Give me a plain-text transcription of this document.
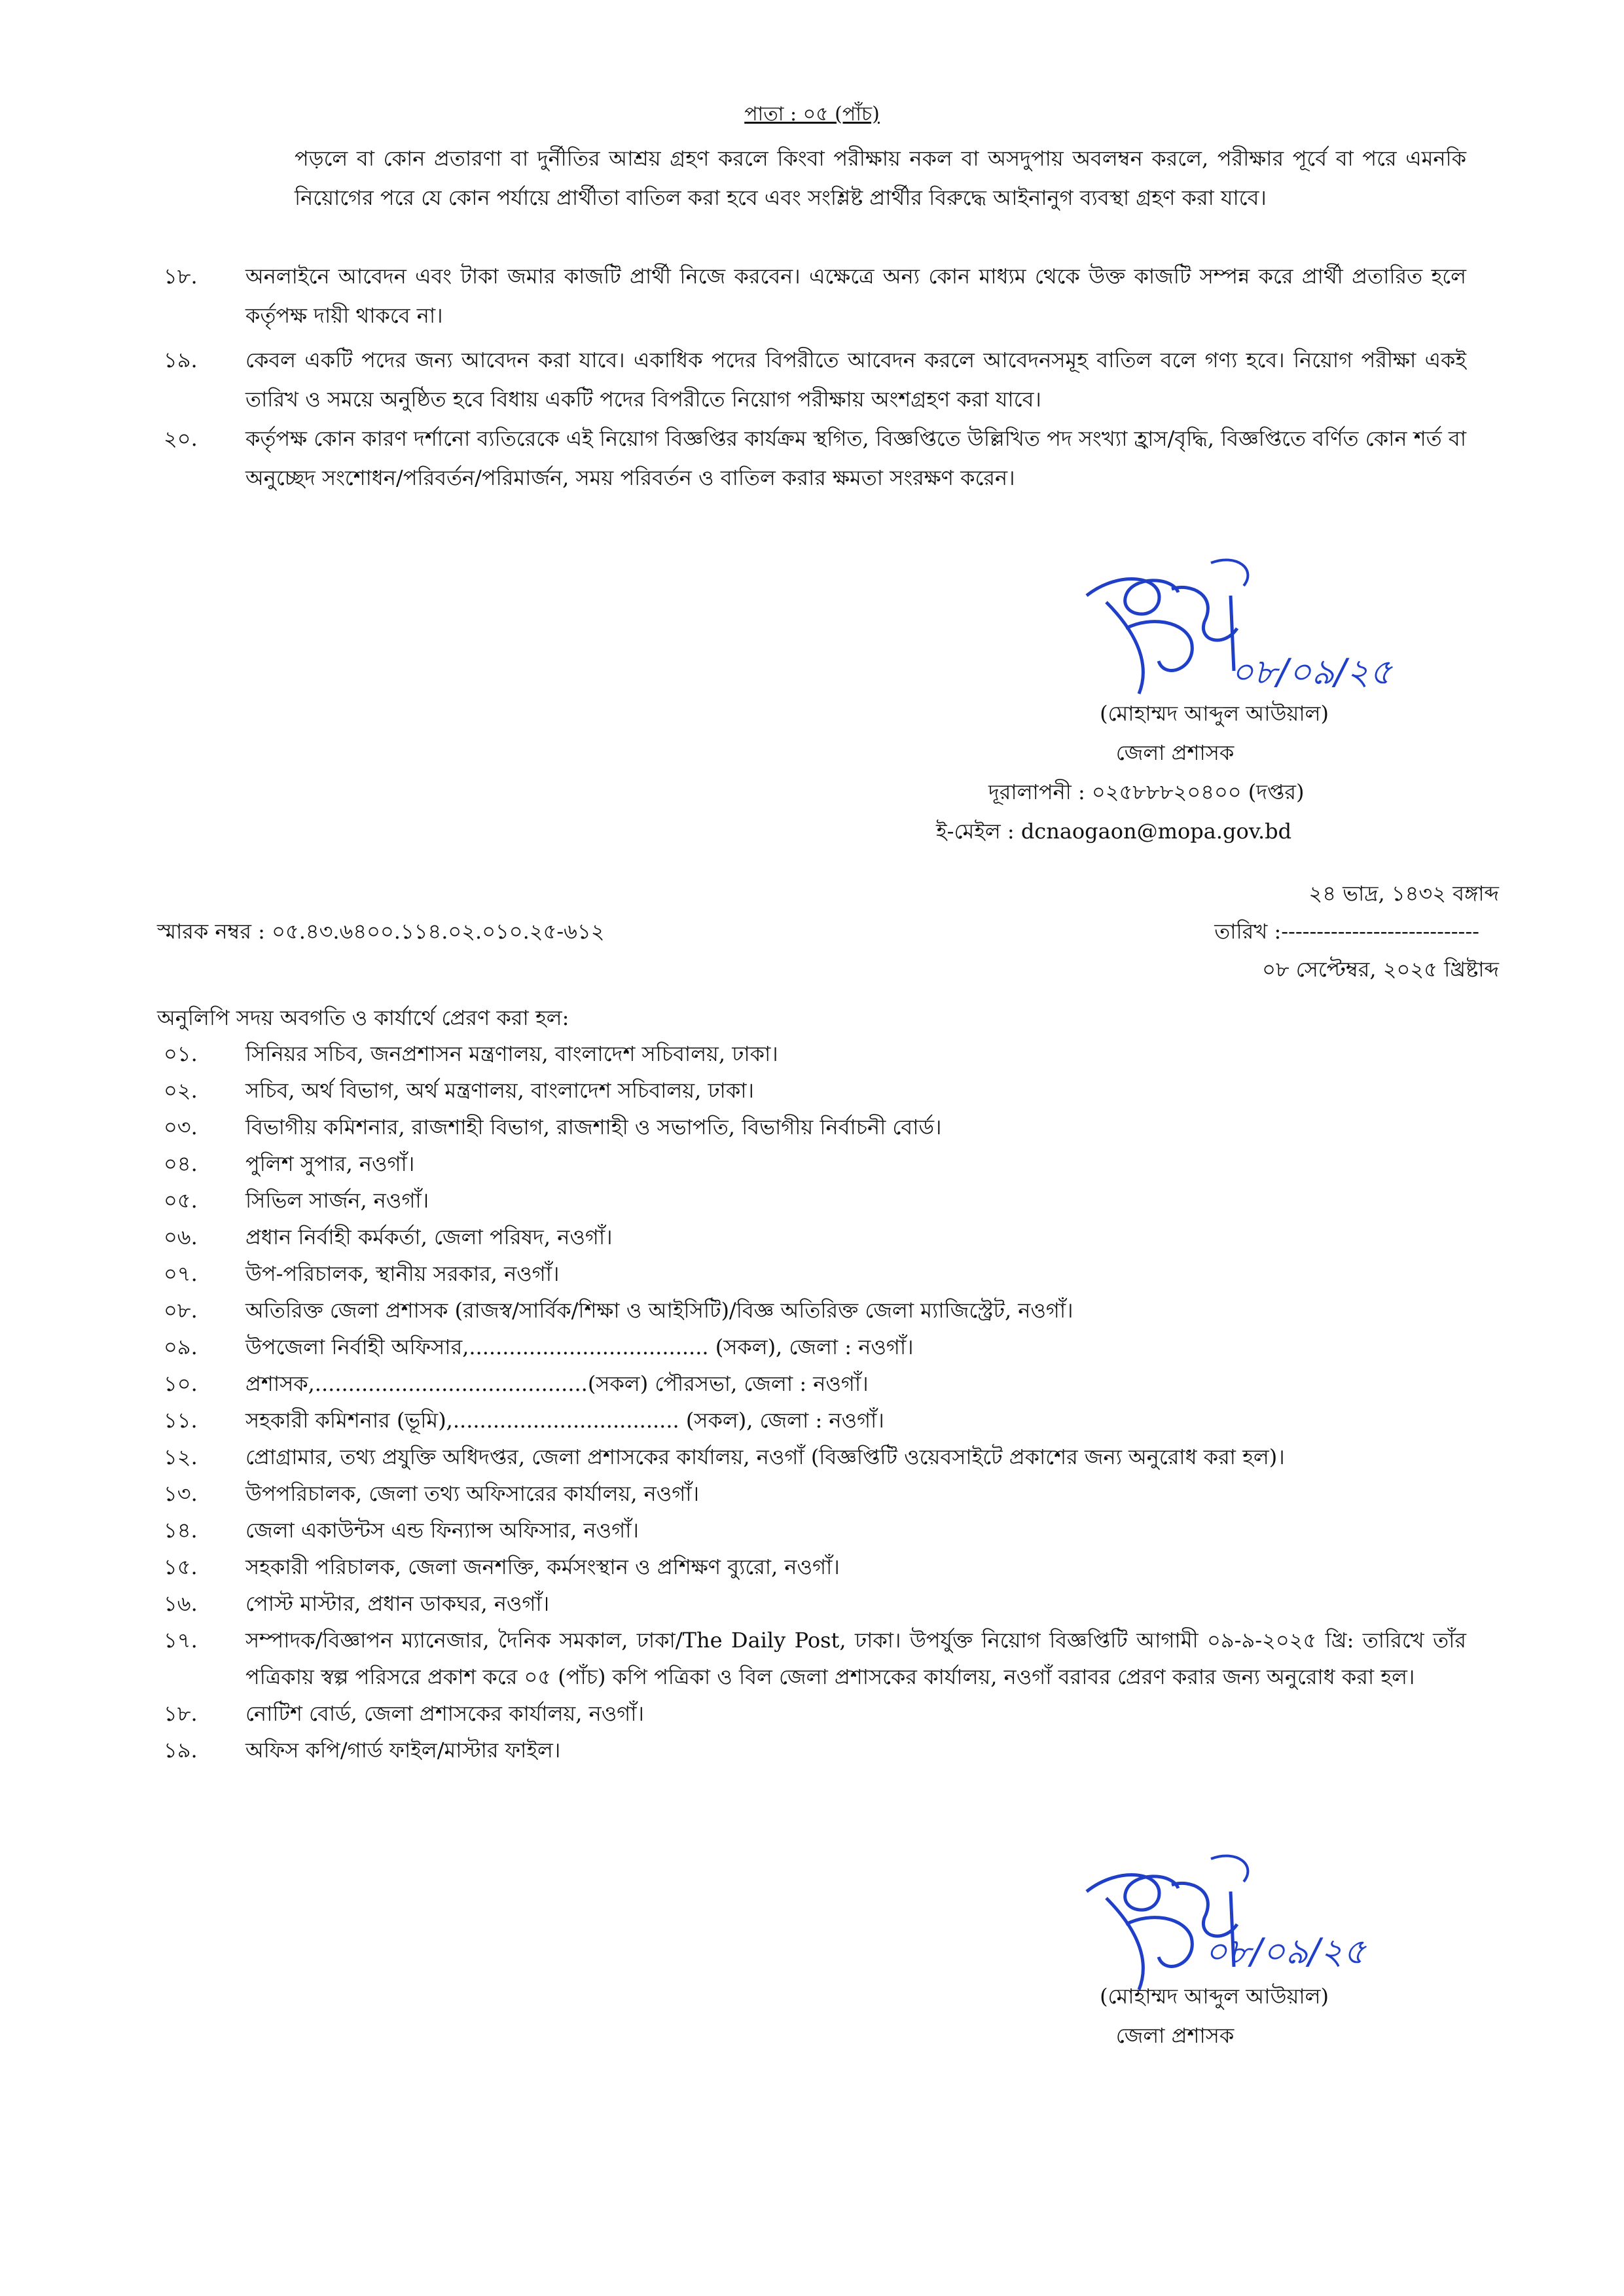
পাতা : ০৫ (পাঁচ)
পড়লে বা কোন প্রতারণা বা দুর্নীতির আশ্রয় গ্রহণ করলে কিংবা পরীক্ষায় নকল বা অসদুপায় অবলম্বন করলে, পরীক্ষার পূর্বে বা পরে এমনকি নিয়োগের পরে যে কোন পর্যায়ে প্রার্থীতা বাতিল করা হবে এবং সংশ্লিষ্ট প্রার্থীর বিরুদ্ধে আইনানুগ ব্যবস্থা গ্রহণ করা যাবে।
১৮.	অনলাইনে আবেদন এবং টাকা জমার কাজটি প্রার্থী নিজে করবেন। এক্ষেত্রে অন্য কোন মাধ্যম থেকে উক্ত কাজটি সম্পন্ন করে প্রার্থী প্রতারিত হলে কর্তৃপক্ষ দায়ী থাকবে না।
১৯.	কেবল একটি পদের জন্য আবেদন করা যাবে। একাধিক পদের বিপরীতে আবেদন করলে আবেদনসমূহ বাতিল বলে গণ্য হবে। নিয়োগ পরীক্ষা একই তারিখ ও সময়ে অনুষ্ঠিত হবে বিধায় একটি পদের বিপরীতে নিয়োগ পরীক্ষায় অংশগ্রহণ করা যাবে।
২০.	কর্তৃপক্ষ কোন কারণ দর্শানো ব্যতিরেকে এই নিয়োগ বিজ্ঞপ্তির কার্যক্রম স্থগিত, বিজ্ঞপ্তিতে উল্লিখিত পদ সংখ্যা হ্রাস/বৃদ্ধি, বিজ্ঞপ্তিতে বর্ণিত কোন শর্ত বা অনুচ্ছেদ সংশোধন/পরিবর্তন/পরিমার্জন, সময় পরিবর্তন ও বাতিল করার ক্ষমতা সংরক্ষণ করেন।
০৮/০৯/২৫
(মোহাম্মদ আব্দুল আউয়াল)
জেলা প্রশাসক
দূরালাপনী : ০২৫৮৮৮২০৪০০ (দপ্তর)
ই-মেইল : dcnaogaon@mopa.gov.bd
২৪ ভাদ্র, ১৪৩২ বঙ্গাব্দ
স্মারক নম্বর : ০৫.৪৩.৬৪০০.১১৪.০২.০১০.২৫-৬১২	তারিখ :----------------------------
০৮ সেপ্টেম্বর, ২০২৫ খ্রিষ্টাব্দ
অনুলিপি সদয় অবগতি ও কার্যার্থে প্রেরণ করা হল:
০১.	সিনিয়র সচিব, জনপ্রশাসন মন্ত্রণালয়, বাংলাদেশ সচিবালয়, ঢাকা।
০২.	সচিব, অর্থ বিভাগ, অর্থ মন্ত্রণালয়, বাংলাদেশ সচিবালয়, ঢাকা।
০৩.	বিভাগীয় কমিশনার, রাজশাহী বিভাগ, রাজশাহী ও সভাপতি, বিভাগীয় নির্বাচনী বোর্ড।
০৪.	পুলিশ সুপার, নওগাঁ।
০৫.	সিভিল সার্জন, নওগাঁ।
০৬.	প্রধান নির্বাহী কর্মকর্তা, জেলা পরিষদ, নওগাঁ।
০৭.	উপ-পরিচালক, স্থানীয় সরকার, নওগাঁ।
০৮.	অতিরিক্ত জেলা প্রশাসক (রাজস্ব/সার্বিক/শিক্ষা ও আইসিটি)/বিজ্ঞ অতিরিক্ত জেলা ম্যাজিস্ট্রেট, নওগাঁ।
০৯.	উপজেলা নির্বাহী অফিসার,.................................... (সকল), জেলা : নওগাঁ।
১০.	প্রশাসক,.........................................(সকল) পৌরসভা, জেলা : নওগাঁ।
১১.	সহকারী কমিশনার (ভূমি),.................................. (সকল), জেলা : নওগাঁ।
১২.	প্রোগ্রামার, তথ্য প্রযুক্তি অধিদপ্তর, জেলা প্রশাসকের কার্যালয়, নওগাঁ (বিজ্ঞপ্তিটি ওয়েবসাইটে প্রকাশের জন্য অনুরোধ করা হল)।
১৩.	উপপরিচালক, জেলা তথ্য অফিসারের কার্যালয়, নওগাঁ।
১৪.	জেলা একাউন্টস এন্ড ফিন্যান্স অফিসার, নওগাঁ।
১৫.	সহকারী পরিচালক, জেলা জনশক্তি, কর্মসংস্থান ও প্রশিক্ষণ ব্যুরো, নওগাঁ।
১৬.	পোস্ট মাস্টার, প্রধান ডাকঘর, নওগাঁ।
১৭.	সম্পাদক/বিজ্ঞাপন ম্যানেজার, দৈনিক সমকাল, ঢাকা/The Daily Post, ঢাকা। উপর্যুক্ত নিয়োগ বিজ্ঞপ্তিটি আগামী ০৯-৯-২০২৫ খ্রি: তারিখে তাঁর পত্রিকায় স্বল্প পরিসরে প্রকাশ করে ০৫ (পাঁচ) কপি পত্রিকা ও বিল জেলা প্রশাসকের কার্যালয়, নওগাঁ বরাবর প্রেরণ করার জন্য অনুরোধ করা হল।
১৮.	নোটিশ বোর্ড, জেলা প্রশাসকের কার্যালয়, নওগাঁ।
১৯.	অফিস কপি/গার্ড ফাইল/মাস্টার ফাইল।
০৮/০৯/২৫
(মোহাম্মদ আব্দুল আউয়াল)
জেলা প্রশাসক
